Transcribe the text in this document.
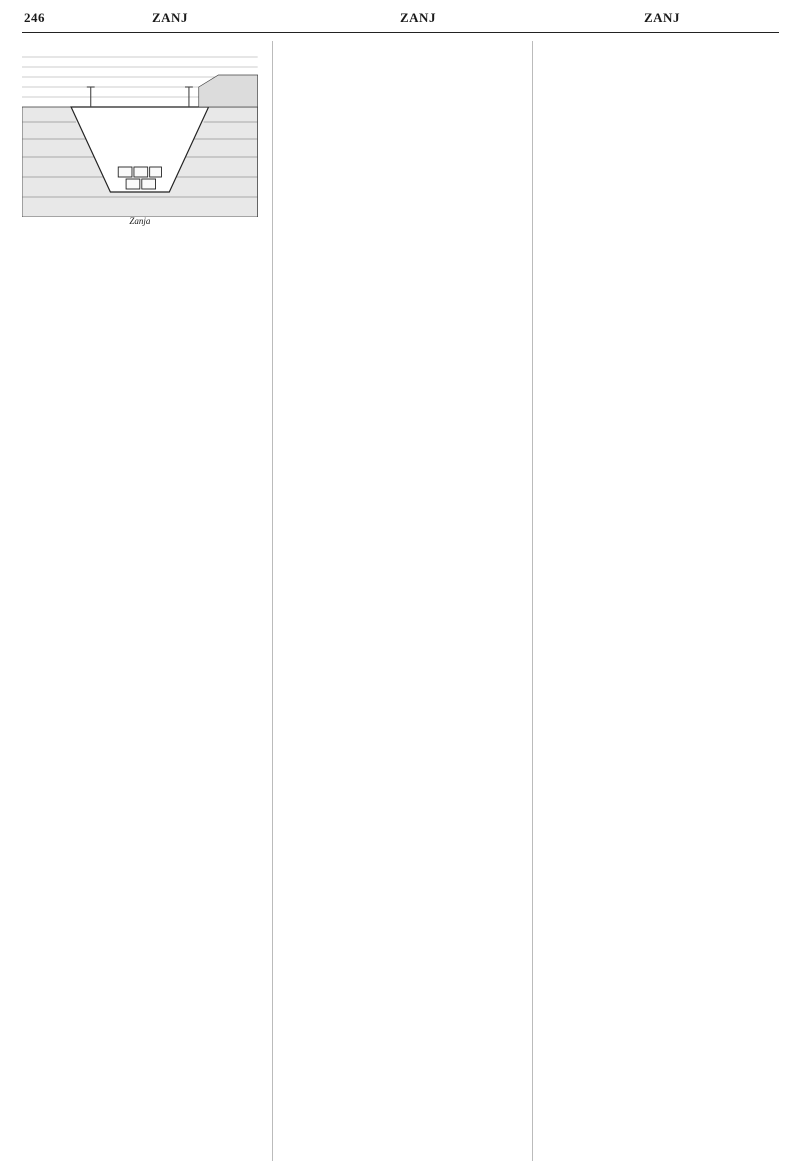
246	ZANJ	ZANJ	ZANJ

Zanja
